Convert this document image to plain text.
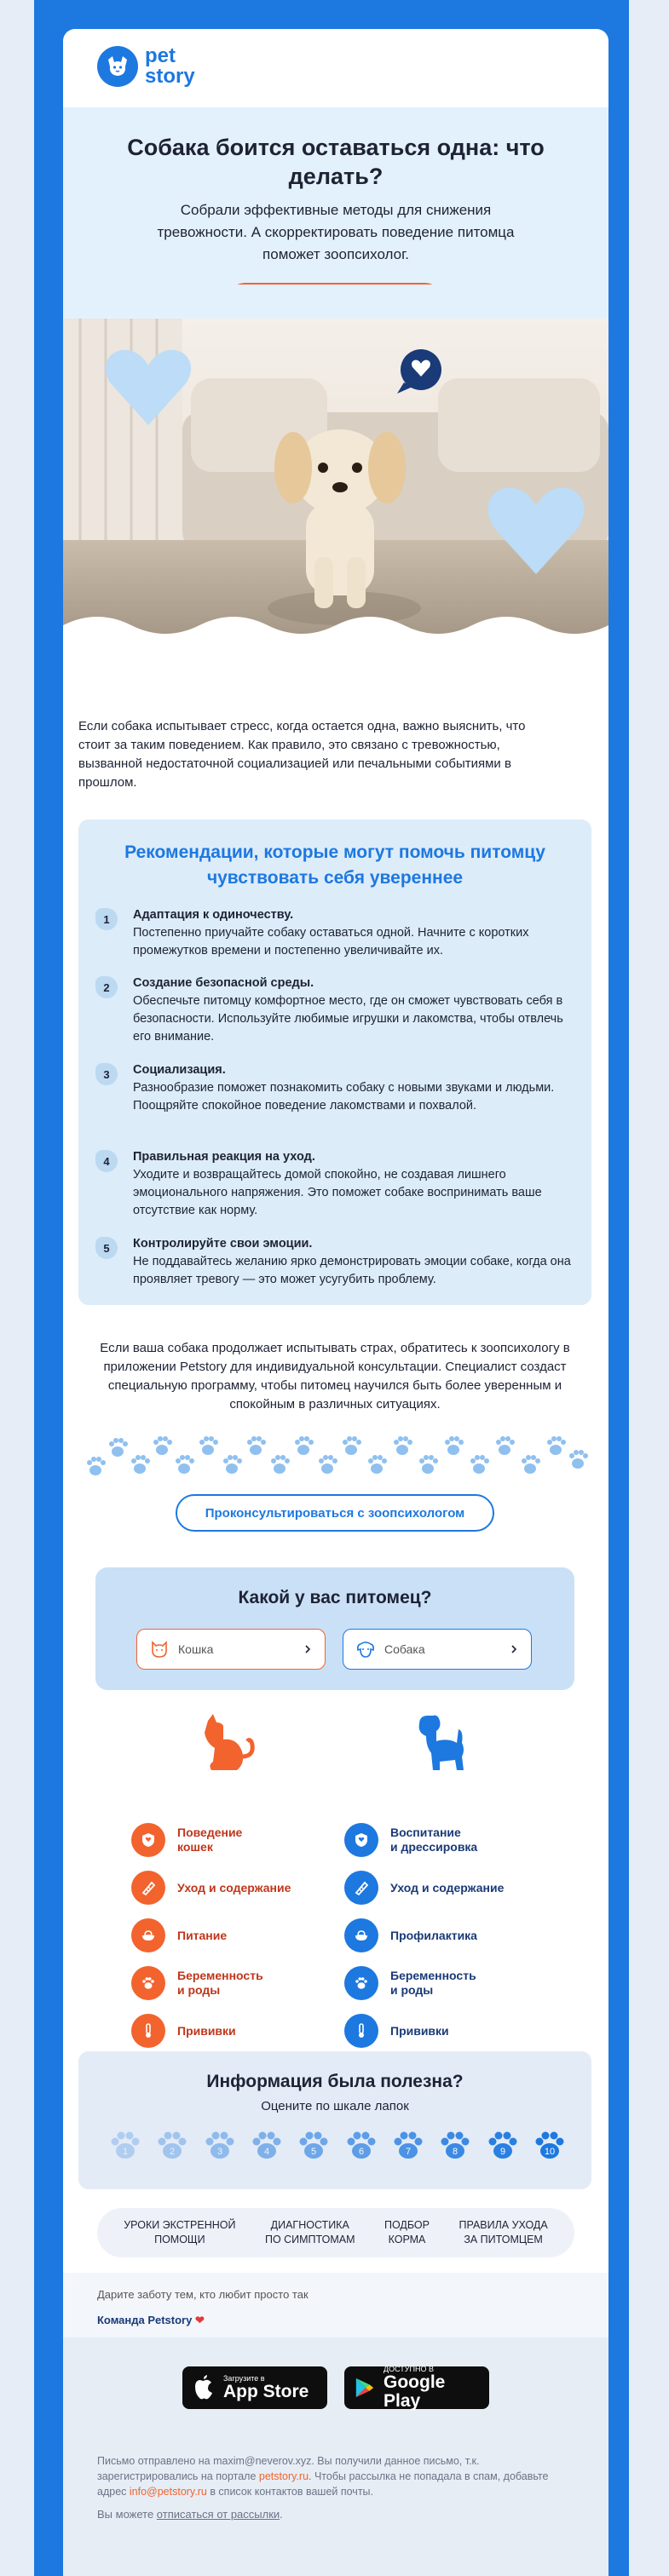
pet story
Собака боится оставаться одна: что делать?

Собрали эффективные методы для снижения тревожности. А скорректировать поведение питомца поможет зоопсихолог.

Если собака испытывает стресс, когда остается одна, важно выяснить, что стоит за таким поведением. Как правило, это связано с тревожностью, вызванной недостаточной социализацией или печальными событиями в прошлом.
Рекомендации, которые могут помочь питомцу чувствовать себя увереннее
1	Адаптация к одиночеству.
Постепенно приучайте собаку оставаться одной. Начните с коротких промежутков времени и постепенно увеличивайте их.
2	Создание безопасной среды.
Обеспечьте питомцу комфортное место, где он сможет чувствовать себя в безопасности. Используйте любимые игрушки и лакомства, чтобы отвлечь его внимание.
3	Социализация.
Разнообразие поможет познакомить собаку с новыми звуками и людьми. Поощряйте спокойное поведение лакомствами и похвалой.
4	Правильная реакция на уход.
Уходите и возвращайтесь домой спокойно, не создавая лишнего эмоционального напряжения. Это поможет собаке воспринимать ваше отсутствие как норму.
5	Контролируйте свои эмоции.
Не поддавайтесь желанию ярко демонстрировать эмоции собаке, когда она проявляет тревогу — это может усугубить проблему.
Если ваша собака продолжает испытывать страх, обратитесь к зоопсихологу в приложении Petstory для индивидуальной консультации. Специалист создаст специальную программу, чтобы питомец научился быть более уверенным и спокойным в различных ситуациях.
Проконсультироваться с зоопсихологом
Какой у вас питомец?
Кошка	Собака
Поведение
кошек
Уход и содержание
Питание
Беременность
и роды
Прививки
Воспитание
и дрессировка
Уход и содержание
Профилактика
Беременность
и роды
Прививки
Информация была полезна?

Оцените по шкале лапок

1	2	3	4	5	6	7	8	9	10
УРОКИ ЭКСТРЕННОЙ
ПОМОЩИ
ДИАГНОСТИКА
ПО СИМПТОМАМ
ПОДБОР
КОРМА
ПРАВИЛА УХОДА
ЗА ПИТОМЦЕМ
Дарите заботу тем, кто любит просто так
Команда Petstory ❤
Загрузите в
App Store
ДОСТУПНО В
Google Play
Письмо отправлено на maxim@neverov.xyz. Вы получили данное письмо, т.к. зарегистрировались на портале petstory.ru. Чтобы рассылка не попадала в спам, добавьте адрес info@petstory.ru в список контактов вашей почты.
Вы можете отписаться от рассылки.
